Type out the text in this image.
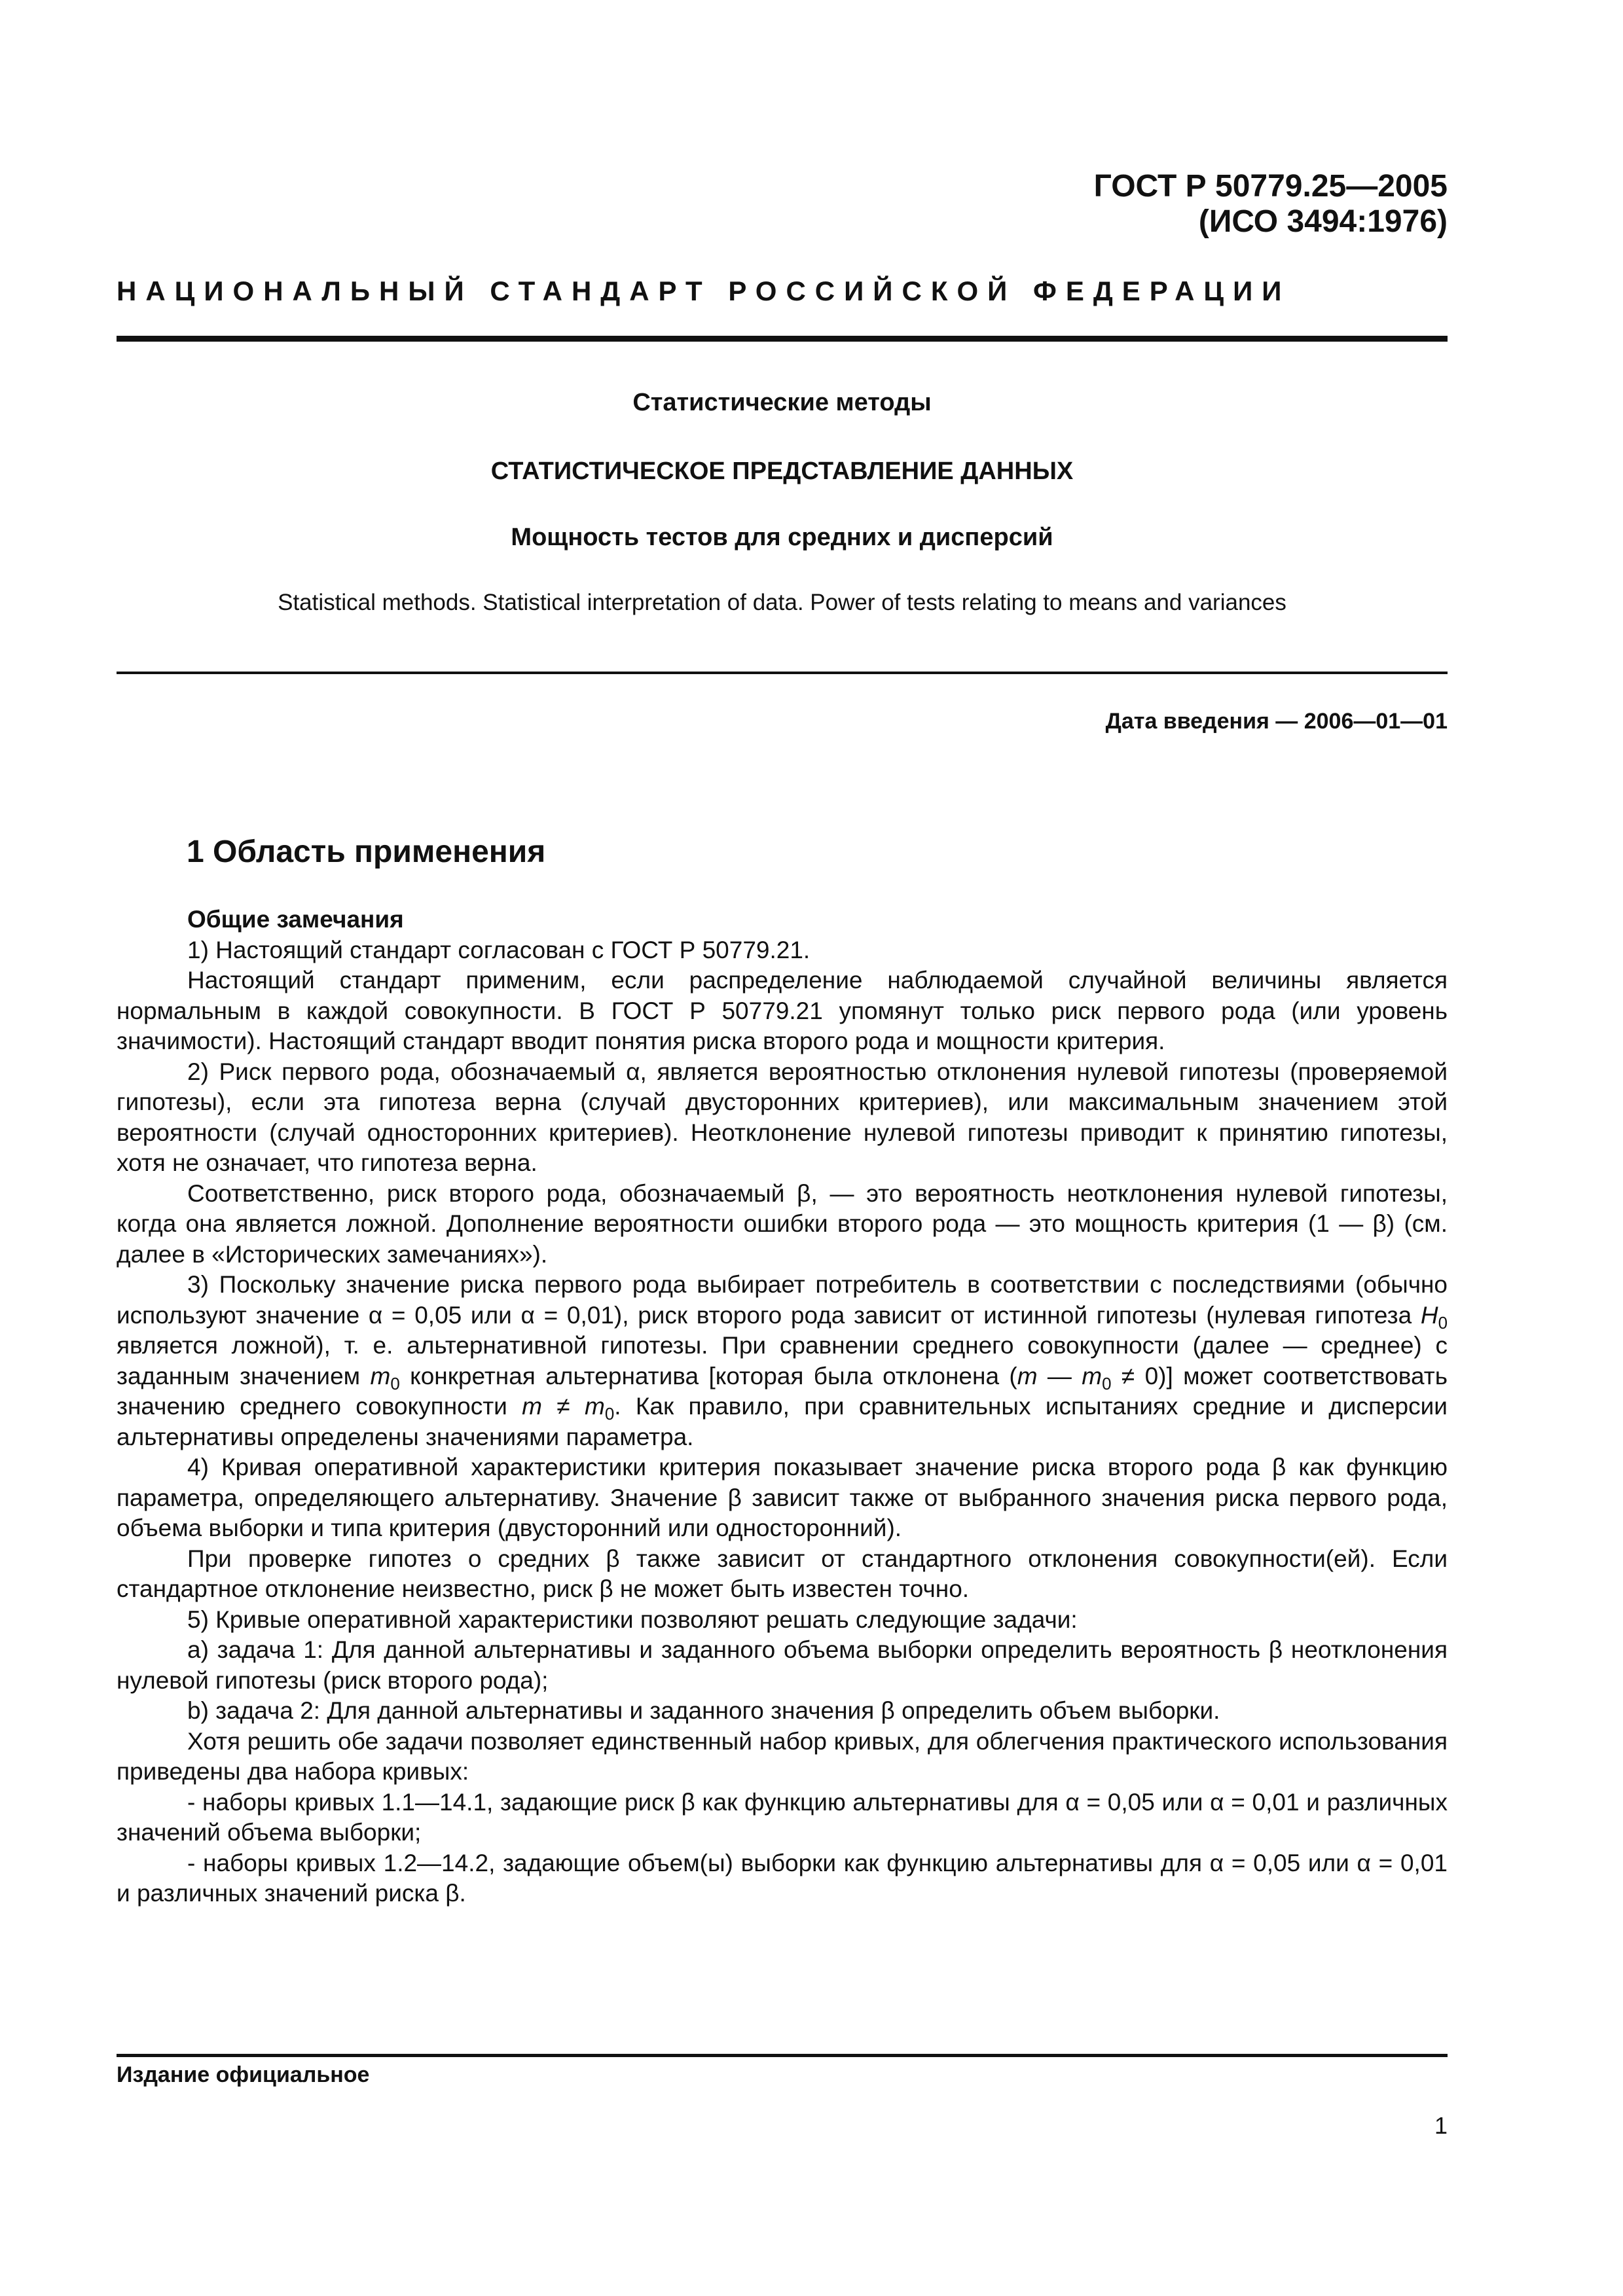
ГОСТ Р 50779.25—2005

(ИСО 3494:1976)

НАЦИОНАЛЬНЫЙ СТАНДАРТ РОССИЙСКОЙ ФЕДЕРАЦИИ

Статистические методы

СТАТИСТИЧЕСКОЕ ПРЕДСТАВЛЕНИЕ ДАННЫХ

Мощность тестов для средних и дисперсий

Statistical methods. Statistical interpretation of data. Power of tests relating to means and variances

Дата введения — 2006—01—01

1 Область применения

Общие замечания

1) Настоящий стандарт согласован с ГОСТ Р 50779.21.

Настоящий стандарт применим, если распределение наблюдаемой случайной величины является нормальным в каждой совокупности. В ГОСТ Р 50779.21 упомянут только риск первого рода (или уровень значимости). Настоящий стандарт вводит понятия риска второго рода и мощности критерия.

2) Риск первого рода, обозначаемый α, является вероятностью отклонения нулевой гипотезы (проверяемой гипотезы), если эта гипотеза верна (случай двусторонних критериев), или максимальным значением этой вероятности (случай односторонних критериев). Неотклонение нулевой гипотезы приводит к принятию гипотезы, хотя не означает, что гипотеза верна.

Соответственно, риск второго рода, обозначаемый β, — это вероятность неотклонения нулевой гипотезы, когда она является ложной. Дополнение вероятности ошибки второго рода — это мощность критерия (1 — β) (см. далее в «Исторических замечаниях»).

3) Поскольку значение риска первого рода выбирает потребитель в соответствии с последствиями (обычно используют значение α = 0,05 или α = 0,01), риск второго рода зависит от истинной гипотезы (нулевая гипотеза $H_0$ является ложной), т. е. альтернативной гипотезы. При сравнении среднего совокупности (далее — среднее) с заданным значением $m_0$ конкретная альтернатива [которая была отклонена (m — $m_0 \ne 0$)] может соответствовать значению среднего совокупности $m \ne m_0$. Как правило, при сравнительных испытаниях средние и дисперсии альтернативы определены значениями параметра.

4) Кривая оперативной характеристики критерия показывает значение риска второго рода β как функцию параметра, определяющего альтернативу. Значение β зависит также от выбранного значения риска первого рода, объема выборки и типа критерия (двусторонний или односторонний).

При проверке гипотез о средних β также зависит от стандартного отклонения совокупности(ей). Если стандартное отклонение неизвестно, риск β не может быть известен точно.

5) Кривые оперативной характеристики позволяют решать следующие задачи:

a) задача 1: Для данной альтернативы и заданного объема выборки определить вероятность β неотклонения нулевой гипотезы (риск второго рода);

b) задача 2: Для данной альтернативы и заданного значения β определить объем выборки.

Хотя решить обе задачи позволяет единственный набор кривых, для облегчения практического использования приведены два набора кривых:

- наборы кривых 1.1—14.1, задающие риск β как функцию альтернативы для α = 0,05 или α = 0,01 и различных значений объема выборки;

- наборы кривых 1.2—14.2, задающие объем(ы) выборки как функцию альтернативы для α = 0,05 или α = 0,01 и различных значений риска β.

Издание официальное

1
